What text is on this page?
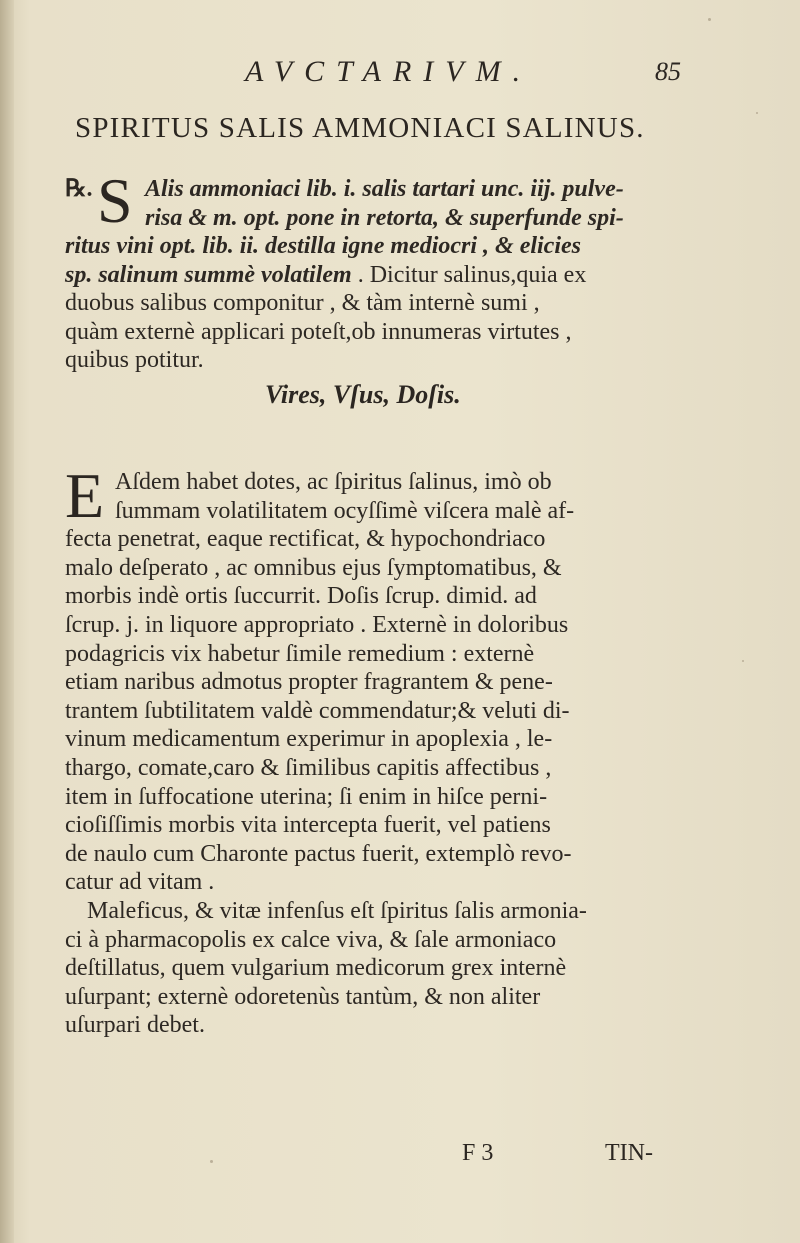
AVCTARIVM.	85
SPIRITUS SALIS AMMONIACI SALINUS.
S
℞. Alis ammoniaci lib. i. salis tartari unc. iij. pulve-
risa & m. opt. pone in retorta, & superfunde spi-
ritus vini opt. lib. ii. destilla igne mediocri , & elicies
sp. salinum summè volatilem . Dicitur salinus,quia ex
duobus salibus componitur , & tàm internè sumi ,
quàm externè applicari poteſt,ob innumeras virtutes ,
quibus potitur.
Vires, Vſus, Doſis.
E Aſdem habet dotes, ac ſpiritus ſalinus, imò ob
ſummam volatilitatem ocyſſimè viſcera malè af-
fecta penetrat, eaque rectificat, & hypochondriaco
malo deſperato , ac omnibus ejus ſymptomatibus, &
morbis indè ortis ſuccurrit. Doſis ſcrup. dimid. ad
ſcrup. j. in liquore appropriato . Externè in doloribus
podagricis vix habetur ſimile remedium : externè
etiam naribus admotus propter fragrantem & pene-
trantem ſubtilitatem valdè commendatur;& veluti di-
vinum medicamentum experimur in apoplexia , le-
thargo, comate,caro & ſimilibus capitis affectibus ,
item in ſuffocatione uterina; ſi enim in hiſce perni-
cioſiſſimis morbis vita intercepta fuerit, vel patiens
de naulo cum Charonte pactus fuerit, extemplò revo-
catur ad vitam .
Maleficus, & vitæ infenſus eſt ſpiritus ſalis armonia-
ci à pharmacopolis ex calce viva, & ſale armoniaco
deſtillatus, quem vulgarium medicorum grex internè
uſurpant; externè odoretenùs tantùm, & non aliter
uſurpari debet.
F 3	TIN-
